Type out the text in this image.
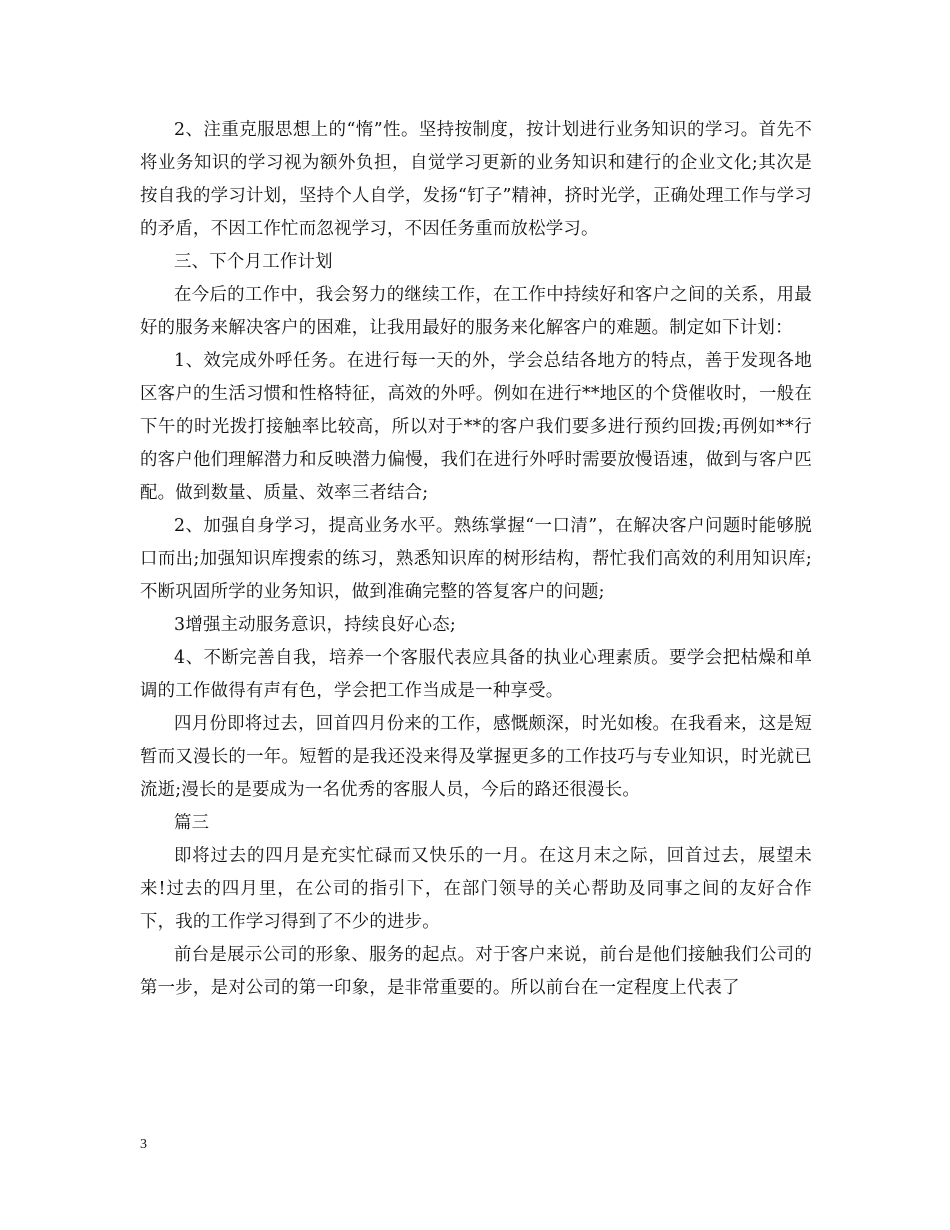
2、注重克服思想上的“惰”性。坚持按制度，按计划进行业务知识的学习。首先不将业务知识的学习视为额外负担，自觉学习更新的业务知识和建行的企业文化;其次是按自我的学习计划，坚持个人自学，发扬“钉子”精神，挤时光学，正确处理工作与学习的矛盾，不因工作忙而忽视学习，不因任务重而放松学习。

三、下个月工作计划

在今后的工作中，我会努力的继续工作，在工作中持续好和客户之间的关系，用最好的服务来解决客户的困难，让我用最好的服务来化解客户的难题。制定如下计划：

1、效完成外呼任务。在进行每一天的外，学会总结各地方的特点，善于发现各地区客户的生活习惯和性格特征，高效的外呼。例如在进行**地区的个贷催收时，一般在下午的时光拨打接触率比较高，所以对于**的客户我们要多进行预约回拨;再例如**行的客户他们理解潜力和反映潜力偏慢，我们在进行外呼时需要放慢语速，做到与客户匹配。做到数量、质量、效率三者结合;

2、加强自身学习，提高业务水平。熟练掌握“一口清”，在解决客户问题时能够脱口而出;加强知识库搜索的练习，熟悉知识库的树形结构，帮忙我们高效的利用知识库;不断巩固所学的业务知识，做到准确完整的答复客户的问题;

3增强主动服务意识，持续良好心态;

4、不断完善自我，培养一个客服代表应具备的执业心理素质。要学会把枯燥和单调的工作做得有声有色，学会把工作当成是一种享受。

四月份即将过去，回首四月份来的工作，感慨颇深，时光如梭。在我看来，这是短暂而又漫长的一年。短暂的是我还没来得及掌握更多的工作技巧与专业知识，时光就已流逝;漫长的是要成为一名优秀的客服人员，今后的路还很漫长。

篇三

即将过去的四月是充实忙碌而又快乐的一月。在这月末之际，回首过去，展望未来!过去的四月里，在公司的指引下，在部门领导的关心帮助及同事之间的友好合作下，我的工作学习得到了不少的进步。

前台是展示公司的形象、服务的起点。对于客户来说，前台是他们接触我们公司的第一步，是对公司的第一印象，是非常重要的。所以前台在一定程度上代表了

3
